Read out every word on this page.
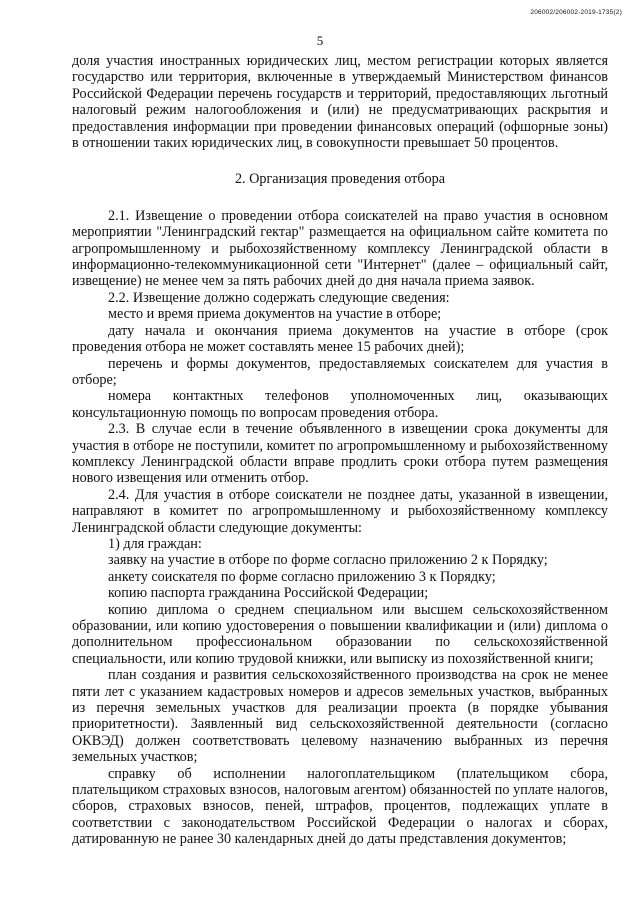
206002/206002-2019-1735(2)
5

доля участия иностранных юридических лиц, местом регистрации которых является государство или территория, включенные в утверждаемый Министерством финансов Российской Федерации перечень государств и территорий, предоставляющих льготный налоговый режим налогообложения и (или) не предусматривающих раскрытия и предоставления информации при проведении финансовых операций (офшорные зоны) в отношении таких юридических лиц, в совокупности превышает 50 процентов.

2. Организация проведения отбора

2.1. Извещение о проведении отбора соискателей на право участия в основном мероприятии "Ленинградский гектар" размещается на официальном сайте комитета по агропромышленному и рыбохозяйственному комплексу Ленинградской области в информационно-телекоммуникационной сети "Интернет" (далее – официальный сайт, извещение) не менее чем за пять рабочих дней до дня начала приема заявок.

2.2. Извещение должно содержать следующие сведения:

место и время приема документов на участие в отборе;

дату начала и окончания приема документов на участие в отборе (срок проведения отбора не может составлять менее 15 рабочих дней);

перечень и формы документов, предоставляемых соискателем для участия в отборе;

номера контактных телефонов уполномоченных лиц, оказывающих консультационную помощь по вопросам проведения отбора.

2.3. В случае если в течение объявленного в извещении срока документы для участия в отборе не поступили, комитет по агропромышленному и рыбохозяйственному комплексу Ленинградской области вправе продлить сроки отбора путем размещения нового извещения или отменить отбор.

2.4. Для участия в отборе соискатели не позднее даты, указанной в извещении, направляют в комитет по агропромышленному и рыбохозяйственному комплексу Ленинградской области следующие документы:

1) для граждан:

заявку на участие в отборе по форме согласно приложению 2 к Порядку;

анкету соискателя по форме согласно приложению 3 к Порядку;

копию паспорта гражданина Российской Федерации;

копию диплома о среднем специальном или высшем сельскохозяйственном образовании, или копию удостоверения о повышении квалификации и (или) диплома о дополнительном профессиональном образовании по сельскохозяйственной специальности, или копию трудовой книжки, или выписку из похозяйственной книги;

план создания и развития сельскохозяйственного производства на срок не менее пяти лет с указанием кадастровых номеров и адресов земельных участков, выбранных из перечня земельных участков для реализации проекта (в порядке убывания приоритетности). Заявленный вид сельскохозяйственной деятельности (согласно ОКВЭД) должен соответствовать целевому назначению выбранных из перечня земельных участков;

справку об исполнении налогоплательщиком (плательщиком сбора, плательщиком страховых взносов, налоговым агентом) обязанностей по уплате налогов, сборов, страховых взносов, пеней, штрафов, процентов, подлежащих уплате в соответствии с законодательством Российской Федерации о налогах и сборах, датированную не ранее 30 календарных дней до даты представления документов;
